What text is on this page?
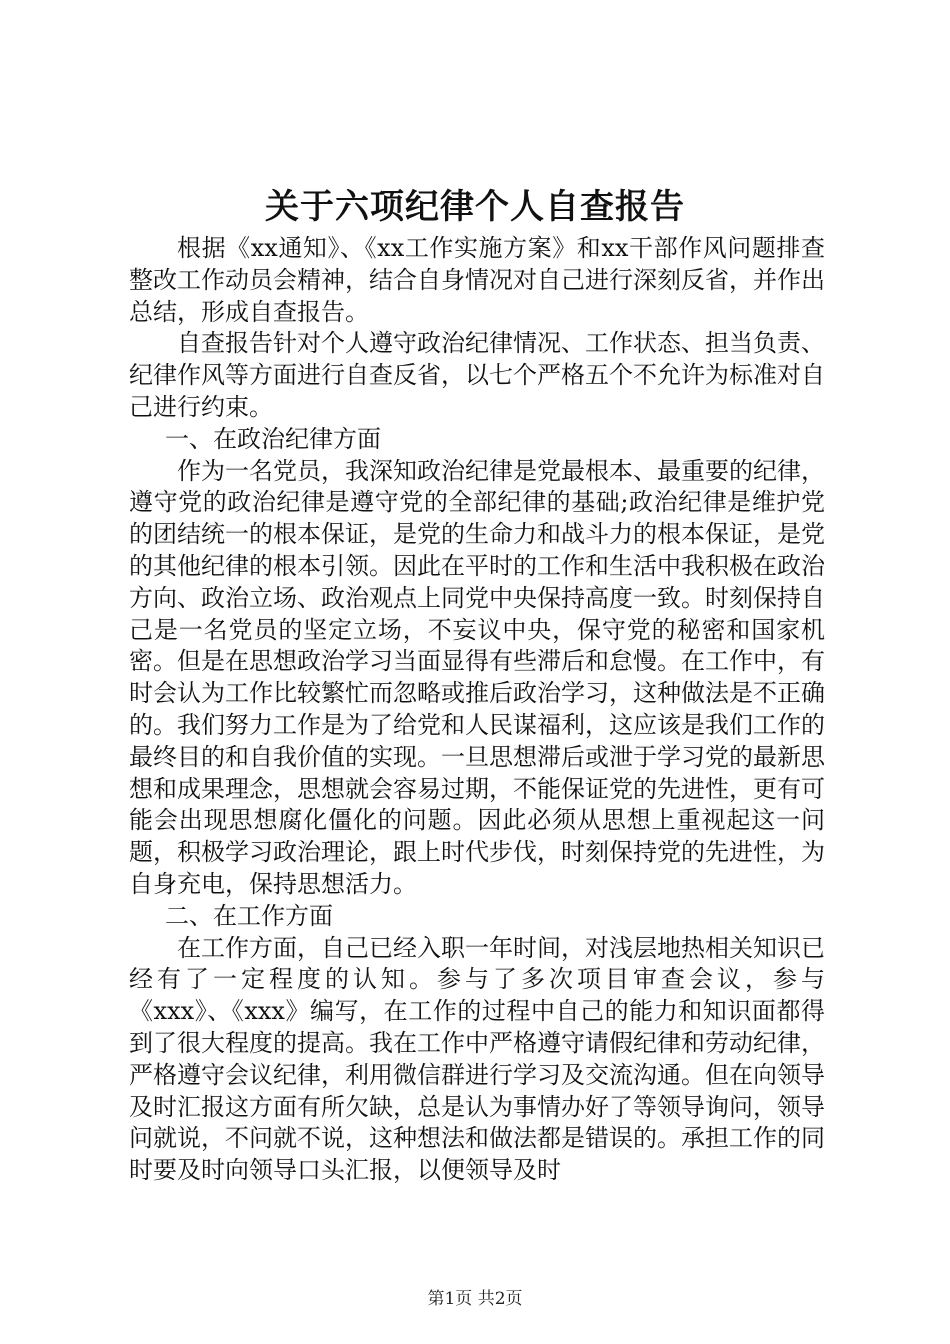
关于六项纪律个人自查报告

根据《xx通知》、《xx工作实施方案》和xx干部作风问题排查整改工作动员会精神，结合自身情况对自己进行深刻反省，并作出总结，形成自查报告。

自查报告针对个人遵守政治纪律情况、工作状态、担当负责、纪律作风等方面进行自查反省，以七个严格五个不允许为标准对自己进行约束。

一、在政治纪律方面

作为一名党员，我深知政治纪律是党最根本、最重要的纪律，遵守党的政治纪律是遵守党的全部纪律的基础;政治纪律是维护党的团结统一的根本保证，是党的生命力和战斗力的根本保证，是党的其他纪律的根本引领。因此在平时的工作和生活中我积极在政治方向、政治立场、政治观点上同党中央保持高度一致。时刻保持自己是一名党员的坚定立场，不妄议中央，保守党的秘密和国家机密。但是在思想政治学习当面显得有些滞后和怠慢。在工作中，有时会认为工作比较繁忙而忽略或推后政治学习，这种做法是不正确的。我们努力工作是为了给党和人民谋福利，这应该是我们工作的最终目的和自我价值的实现。一旦思想滞后或泄于学习党的最新思想和成果理念，思想就会容易过期，不能保证党的先进性，更有可能会出现思想腐化僵化的问题。因此必须从思想上重视起这一问题，积极学习政治理论，跟上时代步伐，时刻保持党的先进性，为自身充电，保持思想活力。

二、在工作方面

在工作方面，自己已经入职一年时间，对浅层地热相关知识已经有了一定程度的认知。参与了多次项目审查会议，参与《xxx》、《xxx》编写，在工作的过程中自己的能力和知识面都得到了很大程度的提高。我在工作中严格遵守请假纪律和劳动纪律，严格遵守会议纪律，利用微信群进行学习及交流沟通。但在向领导及时汇报这方面有所欠缺，总是认为事情办好了等领导询问，领导问就说，不问就不说，这种想法和做法都是错误的。承担工作的同时要及时向领导口头汇报，以便领导及时

第1页 共2页
